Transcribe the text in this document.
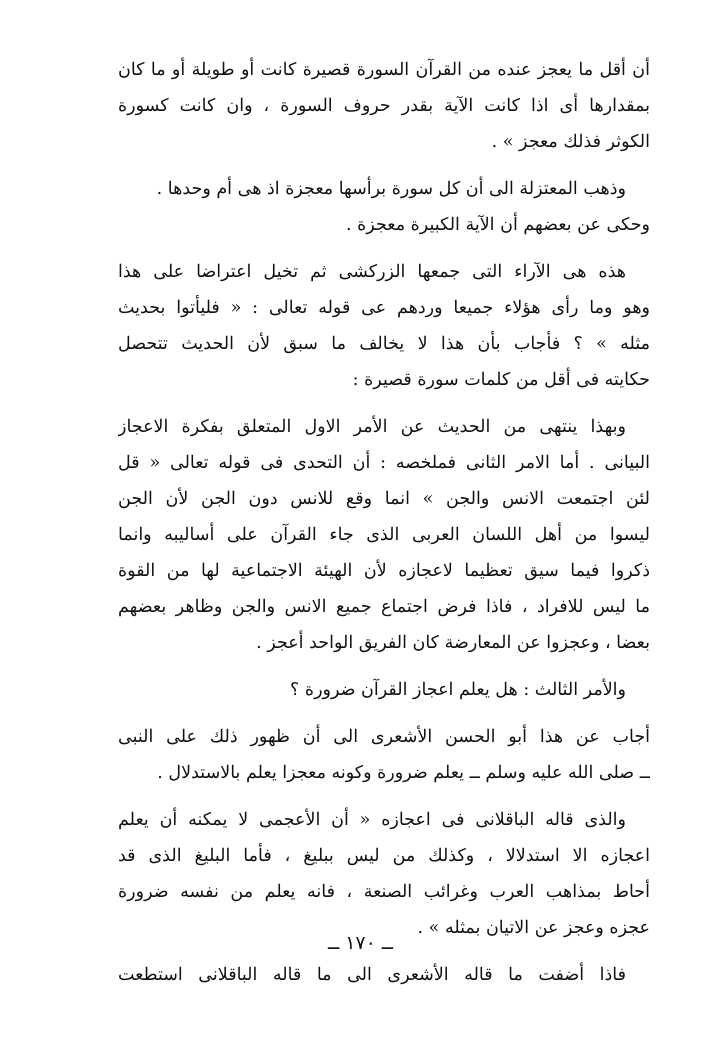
أن أقل ما يعجز عنده من القرآن السورة قصيرة كانت أو طويلة أو ما كان
بمقدارها أى اذا كانت الآية بقدر حروف السورة ، وان كانت كسورة
الكوثر فذلك معجز » .
وذهب المعتزلة الى أن كل سورة برأسها معجزة اذ هى أم وحدها .
وحكى عن بعضهم أن الآية الكبيرة معجزة .
هذه هى الآراء التى جمعها الزركشى ثم تخيل اعتراضا على هذا
وهو وما رأى هؤلاء جميعا وردهم عى قوله تعالى : « فليأتوا بحديث
مثله » ؟ فأجاب بأن هذا لا يخالف ما سبق لأن الحديث تتحصل
حكايته فى أقل من كلمات سورة قصيرة :
وبهذا ينتهى من الحديث عن الأمر الاول المتعلق بفكرة الاعجاز
البيانى . أما الامر الثانى فملخصه : أن التحدى فى قوله تعالى « قل
لئن اجتمعت الانس والجن » انما وقع للانس دون الجن لأن الجن
ليسوا من أهل اللسان العربى الذى جاء القرآن على أساليبه وانما
ذكروا فيما سيق تعظيما لاعجازه لأن الهيئة الاجتماعية لها من القوة
ما ليس للافراد ، فاذا فرض اجتماع جميع الانس والجن وظاهر بعضهم
بعضا ، وعجزوا عن المعارضة كان الفريق الواحد أعجز .
والأمر الثالث : هل يعلم اعجاز القرآن ضرورة ؟
أجاب عن هذا أبو الحسن الأشعرى الى أن ظهور ذلك على النبى
ــ صلى الله عليه وسلم ــ يعلم ضرورة وكونه معجزا يعلم بالاستدلال .
والذى قاله الباقلانى فى اعجازه « أن الأعجمى لا يمكنه أن يعلم
اعجازه الا استدلالا ، وكذلك من ليس ببليغ ، فأما البليغ الذى قد
أحاط بمذاهب العرب وغرائب الصنعة ، فانه يعلم من نفسه ضرورة
عجزه وعجز عن الاتيان بمثله » .
فاذا أضفت ما قاله الأشعرى الى ما قاله الباقلانى استطعت
ــ ١٧٠ ــ
